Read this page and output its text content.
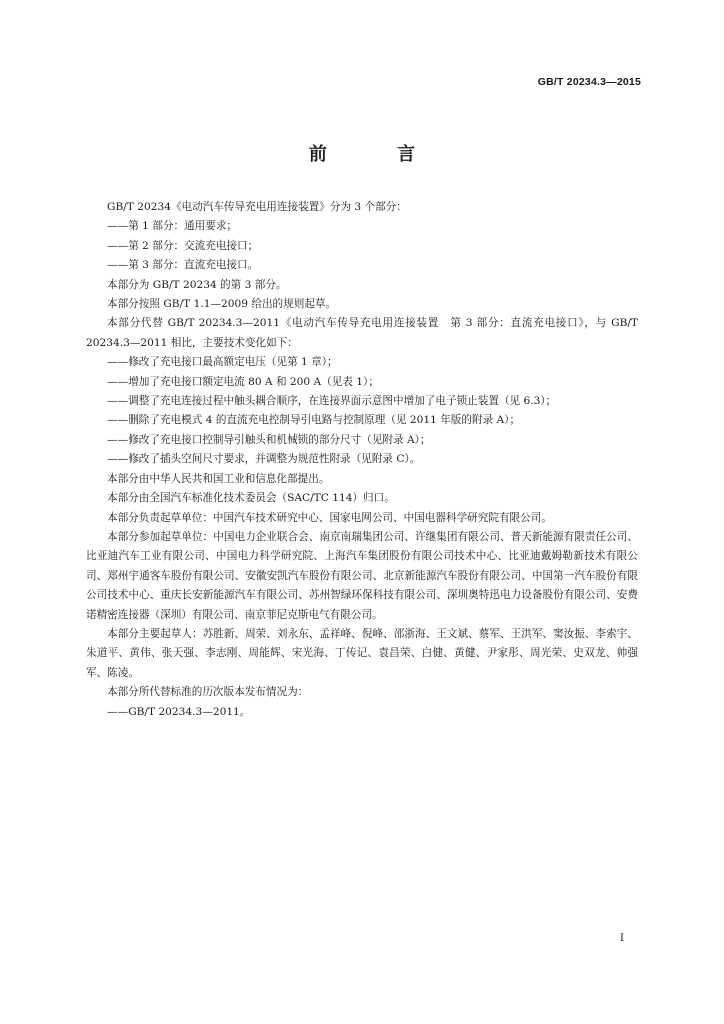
GB/T 20234.3—2015
前 言

GB/T 20234《电动汽车传导充电用连接装置》分为 3 个部分：

——第 1 部分：通用要求；

——第 2 部分：交流充电接口；

——第 3 部分：直流充电接口。

本部分为 GB/T 20234 的第 3 部分。

本部分按照 GB/T 1.1—2009 给出的规则起草。

本部分代替 GB/T 20234.3—2011《电动汽车传导充电用连接装置　第 3 部分：直流充电接口》，与 GB/T 20234.3—2011 相比，主要技术变化如下：

——修改了充电接口最高额定电压（见第 1 章）；

——增加了充电接口额定电流 80 A 和 200 A（见表 1）；

——调整了充电连接过程中触头耦合顺序，在连接界面示意图中增加了电子锁止装置（见 6.3）；

——删除了充电模式 4 的直流充电控制导引电路与控制原理（见 2011 年版的附录 A）；

——修改了充电接口控制导引触头和机械锁的部分尺寸（见附录 A）；

——修改了插头空间尺寸要求，并调整为规范性附录（见附录 C）。

本部分由中华人民共和国工业和信息化部提出。

本部分由全国汽车标准化技术委员会（SAC/TC 114）归口。

本部分负责起草单位：中国汽车技术研究中心、国家电网公司、中国电器科学研究院有限公司。

本部分参加起草单位：中国电力企业联合会、南京南瑞集团公司、许继集团有限公司、普天新能源有限责任公司、比亚迪汽车工业有限公司、中国电力科学研究院、上海汽车集团股份有限公司技术中心、比亚迪戴姆勒新技术有限公司、郑州宇通客车股份有限公司、安徽安凯汽车股份有限公司、北京新能源汽车股份有限公司、中国第一汽车股份有限公司技术中心、重庆长安新能源汽车有限公司、苏州智绿环保科技有限公司、深圳奥特迅电力设备股份有限公司、安费诺精密连接器（深圳）有限公司、南京菲尼克斯电气有限公司。

本部分主要起草人：苏胜新、周荣、刘永东、孟祥峰、倪峰、邵浙海、王文斌、蔡军、王洪军、窦汝振、李索宇、朱道平、黄伟、张天强、李志刚、周能辉、宋光海、丁传记、袁昌荣、白健、黄健、尹家彤、周光荣、史双龙、帅强军、陈凌。

本部分所代替标准的历次版本发布情况为：

——GB/T 20234.3—2011。

I
